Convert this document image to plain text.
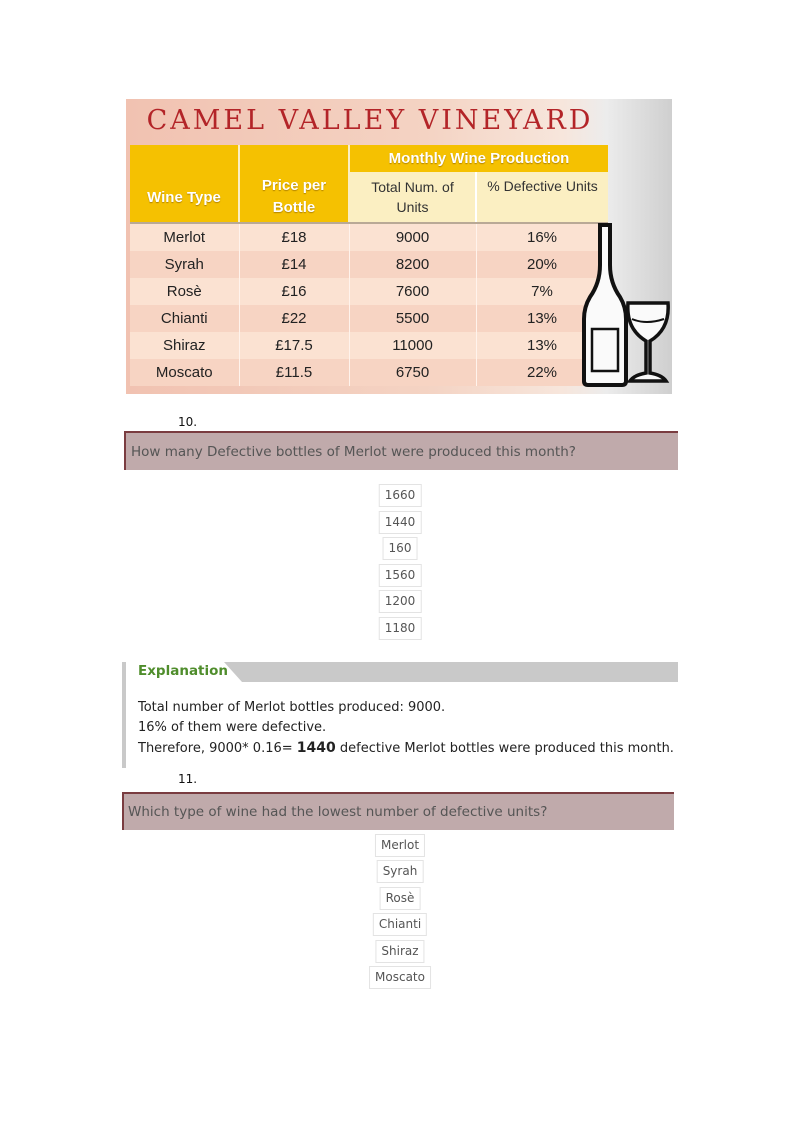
CAMEL VALLEY VINEYARD
		Monthly Wine Production	
Wine Type	Price per Bottle	Total Num. of Units	% Defective Units

Merlot	£18	9000	16%
Syrah	£14	8200	20%
Rosè	£16	7600	7%
Chianti	£22	5500	13%
Shiraz	£17.5	11000	13%
Moscato	£11.5	6750	22%
10.
How many Defective bottles of Merlot were produced this month?
1660
1440
160
1560
1200
1180
Explanation
Total number of Merlot bottles produced: 9000.
16% of them were defective.
Therefore, 9000* 0.16= 1440 defective Merlot bottles were produced this month.
11.
Which type of wine had the lowest number of defective units?
Merlot
Syrah
Rosè
Chianti
Shiraz
Moscato
